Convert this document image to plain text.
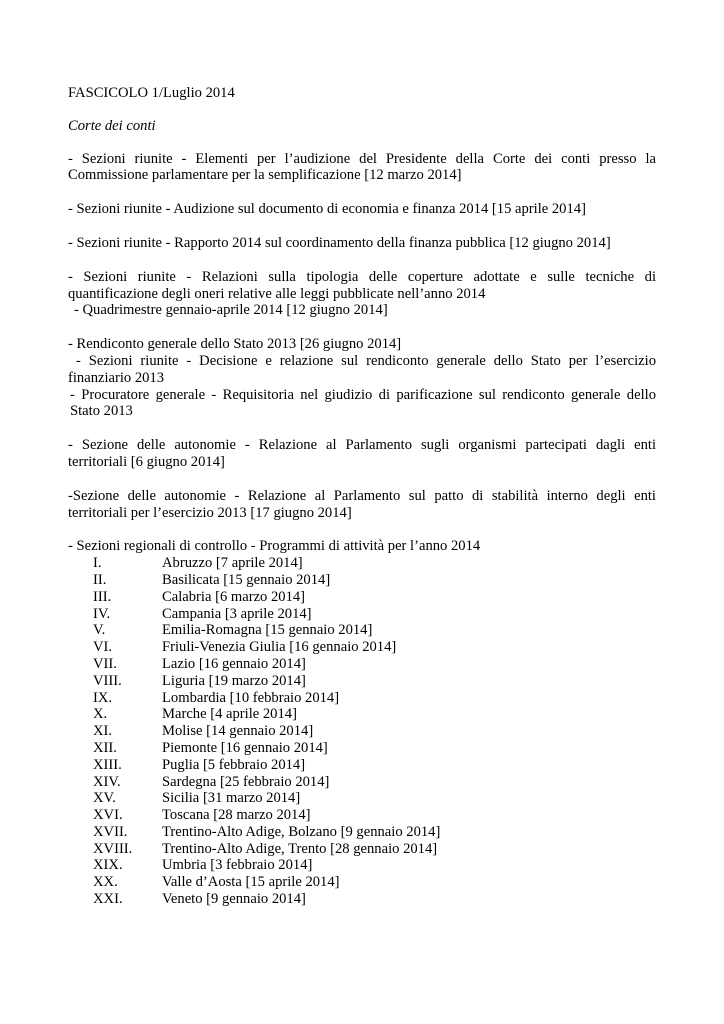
FASCICOLO 1/Luglio 2014

Corte dei conti

- Sezioni riunite - Elementi per l’audizione del Presidente della Corte dei conti presso la

Commissione parlamentare per la semplificazione [12 marzo 2014]

- Sezioni riunite - Audizione sul documento di economia e finanza 2014 [15 aprile 2014]

- Sezioni riunite - Rapporto 2014 sul coordinamento della finanza pubblica [12 giugno 2014]

- Sezioni riunite - Relazioni sulla tipologia delle coperture adottate e sulle tecniche di

quantificazione degli oneri relative alle leggi pubblicate nell’anno 2014

- Quadrimestre gennaio-aprile 2014 [12 giugno 2014]

- Rendiconto generale dello Stato 2013 [26 giugno 2014]

- Sezioni riunite - Decisione e relazione sul rendiconto generale dello Stato per l’esercizio

finanziario 2013

- Procuratore generale - Requisitoria nel giudizio di parificazione sul rendiconto generale dello

Stato 2013

- Sezione delle autonomie - Relazione al Parlamento sugli organismi partecipati dagli enti

territoriali [6 giugno 2014]

-Sezione delle autonomie - Relazione al Parlamento sul patto di stabilità interno degli enti

territoriali per l’esercizio 2013 [17 giugno 2014]

- Sezioni regionali di controllo - Programmi di attività per l’anno 2014

I.	Abruzzo [7 aprile 2014]
II.	Basilicata [15 gennaio 2014]
III.	Calabria [6 marzo 2014]
IV.	Campania [3 aprile 2014]
V.	Emilia-Romagna [15 gennaio 2014]
VI.	Friuli-Venezia Giulia [16 gennaio 2014]
VII.	Lazio [16 gennaio 2014]
VIII.	Liguria [19 marzo 2014]
IX.	Lombardia [10 febbraio 2014]
X.	Marche [4 aprile 2014]
XI.	Molise [14 gennaio 2014]
XII.	Piemonte [16 gennaio 2014]
XIII.	Puglia [5 febbraio 2014]
XIV.	Sardegna [25 febbraio 2014]
XV.	Sicilia [31 marzo 2014]
XVI.	Toscana [28 marzo 2014]
XVII.	Trentino-Alto Adige, Bolzano [9 gennaio 2014]
XVIII.	Trentino-Alto Adige, Trento [28 gennaio 2014]
XIX.	Umbria [3 febbraio 2014]
XX.	Valle d’Aosta [15 aprile 2014]
XXI.	Veneto [9 gennaio 2014]
